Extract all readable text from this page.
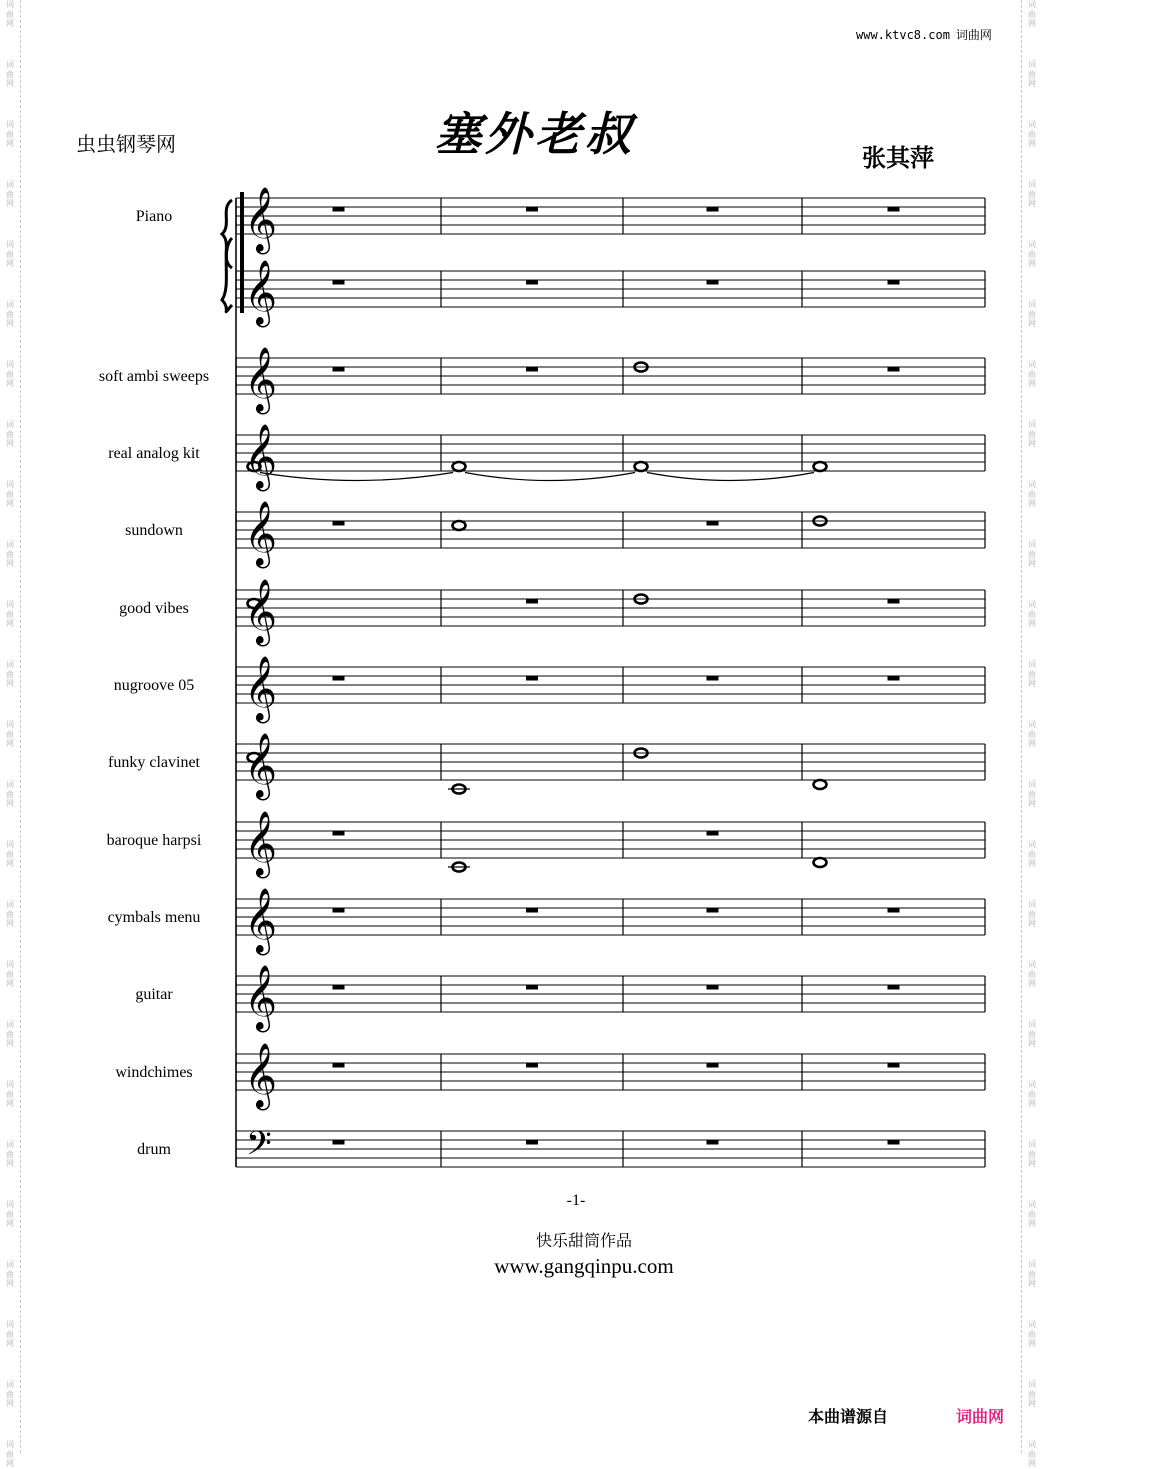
词
曲
网
词
曲
网
词
曲
网
词
曲
网
词
曲
网
词
曲
网
词
曲
网
词
曲
网
词
曲
网
词
曲
网
词
曲
网
词
曲
网
词
曲
网
词
曲
网
词
曲
网
词
曲
网
词
曲
网
词
曲
网
词
曲
网
词
曲
网
词
曲
网
词
曲
网
词
曲
网
词
曲
网
词
曲
网
词
曲
网
词
曲
网
词
曲
网
词
曲
网
词
曲
网
词
曲
网
词
曲
网
词
曲
网
词
曲
网
词
曲
网
词
曲
网
词
曲
网
词
曲
网
词
曲
网
词
曲
网
词
曲
网
词
曲
网
词
曲
网
词
曲
网
词
曲
网
词
曲
网
词
曲
网
词
曲
网
词
曲
网
词
曲
网
www.ktvc8.com 词曲网
虫虫钢琴网	塞外老叔	张其萍
𝄞
𝄞
𝄞
𝄞
𝄞
𝄞
𝄞
𝄞
𝄞
𝄞
𝄞
𝄞
𝄢
Piano
soft ambi sweeps
real analog kit
sundown
good vibes
nugroove 05
funky clavinet
baroque harpsi
cymbals menu
guitar
windchimes
drum
-1-
快乐甜筒作品
www.gangqinpu.com
本曲谱源自	词曲网
